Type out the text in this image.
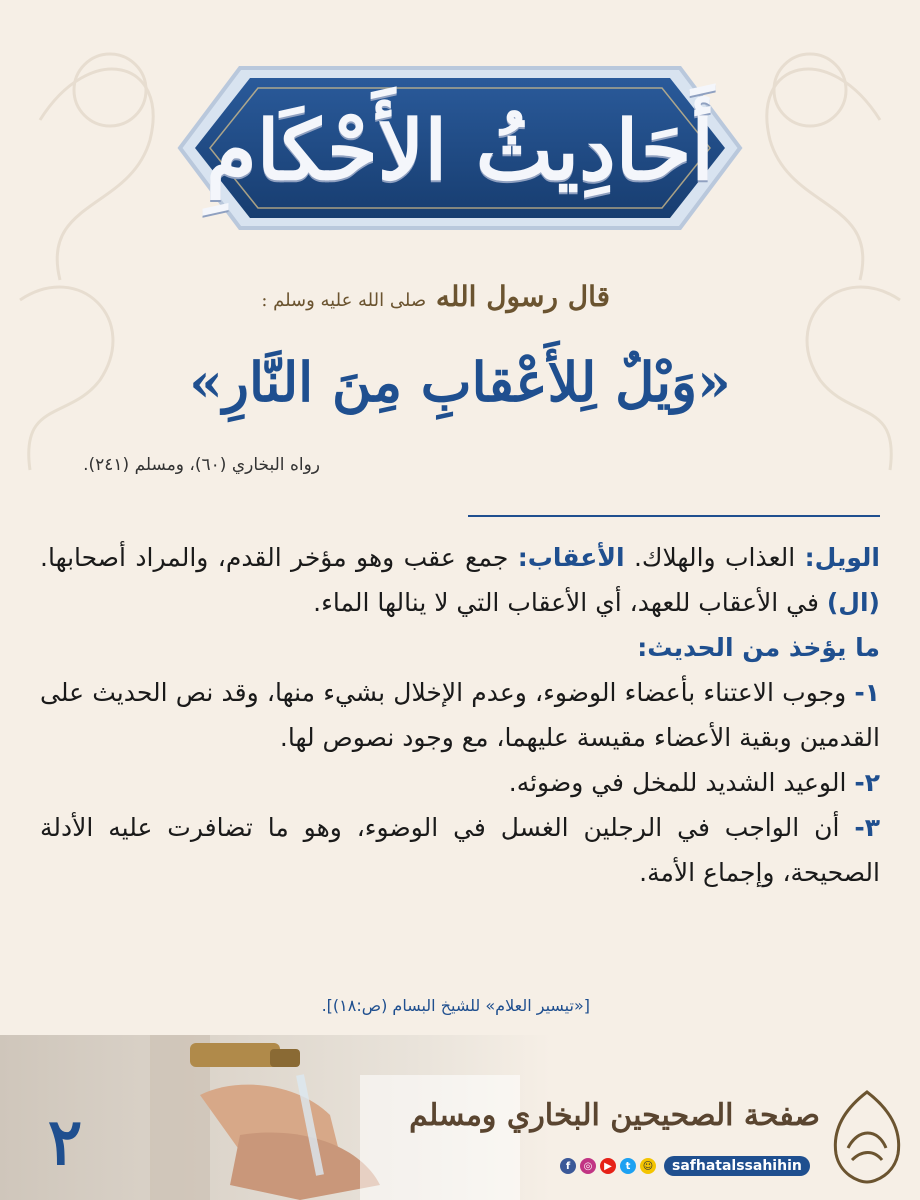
أَحَادِيثُ الأَحْكَامِ
قال رسول الله صلى الله عليه وسلم :
«وَيْلٌ لِلأَعْقابِ مِنَ النَّارِ»
رواه البخاري (٦٠)، ومسلم (٢٤١).

الويل: العذاب والهلاك. الأعقاب: جمع عقب وهو مؤخر القدم، والمراد أصحابها. (ال) في الأعقاب للعهد، أي الأعقاب التي لا ينالها الماء.

ما يؤخذ من الحديث:

١- وجوب الاعتناء بأعضاء الوضوء، وعدم الإخلال بشيء منها، وقد نص الحديث على القدمين وبقية الأعضاء مقيسة عليهما، مع وجود نصوص لها.

٢- الوعيد الشديد للمخل في وضوئه.

٣- أن الواجب في الرجلين الغسل في الوضوء، وهو ما تضافرت عليه الأدلة الصحيحة، وإجماع الأمة.

[«تيسير العلام» للشيخ البسام (ص:١٨)].
٢	صفحة الصحيحين البخاري ومسلم
f	◎	▶	t	☺	safhatalssahihin
